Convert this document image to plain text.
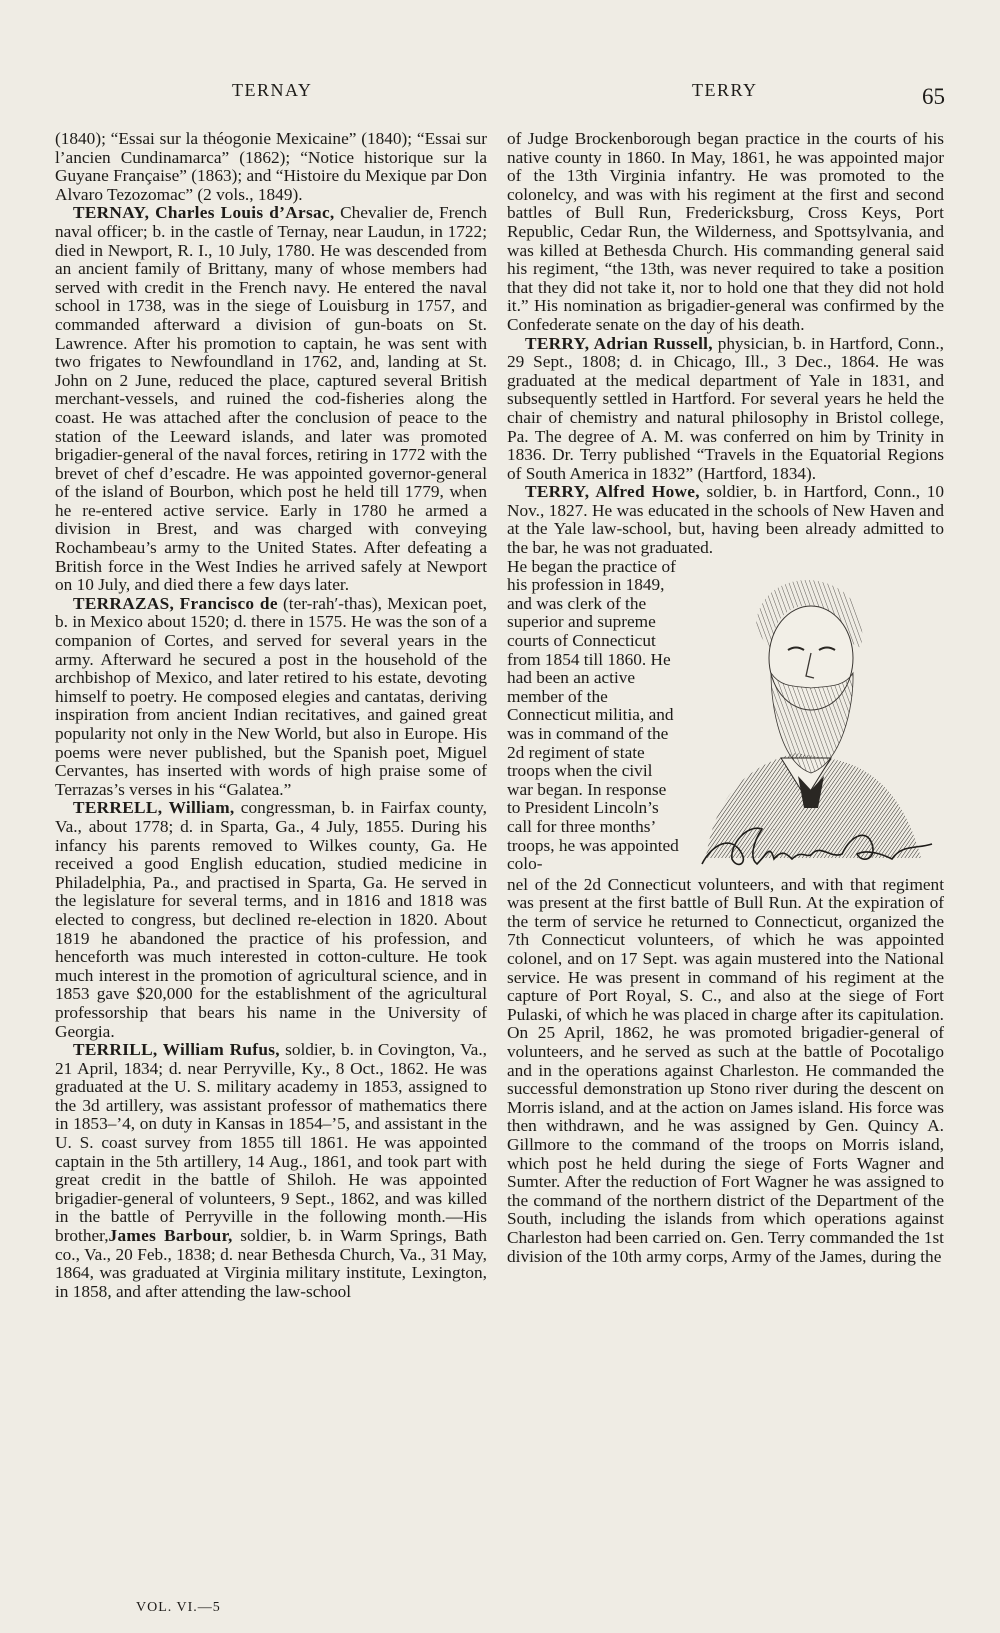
TERNAY	TERRY	65

(1840); “Essai sur la théogonie Mexicaine” (1840); “Essai sur l’ancien Cundinamarca” (1862); “Notice historique sur la Guyane Française” (1863); and “Histoire du Mexique par Don Alvaro Tezozomac” (2 vols., 1849).

TERNAY, Charles Louis d’Arsac, Chevalier de, French naval officer; b. in the castle of Ternay, near Laudun, in 1722; died in Newport, R. I., 10 July, 1780. He was descended from an ancient family of Brittany, many of whose members had served with credit in the French navy. He entered the naval school in 1738, was in the siege of Louisburg in 1757, and commanded afterward a division of gun-boats on St. Lawrence. After his promotion to captain, he was sent with two frigates to Newfoundland in 1762, and, landing at St. John on 2 June, reduced the place, captured several British merchant-vessels, and ruined the cod-fisheries along the coast. He was attached after the conclusion of peace to the station of the Leeward islands, and later was promoted brigadier-general of the naval forces, retiring in 1772 with the brevet of chef d’escadre. He was appointed governor-general of the island of Bourbon, which post he held till 1779, when he re-entered active service. Early in 1780 he armed a division in Brest, and was charged with conveying Rochambeau’s army to the United States. After defeating a British force in the West Indies he arrived safely at Newport on 10 July, and died there a few days later.

TERRAZAS, Francisco de (ter-rah′-thas), Mexican poet, b. in Mexico about 1520; d. there in 1575. He was the son of a companion of Cortes, and served for several years in the army. Afterward he secured a post in the household of the archbishop of Mexico, and later retired to his estate, devoting himself to poetry. He composed elegies and cantatas, deriving inspiration from ancient Indian recitatives, and gained great popularity not only in the New World, but also in Europe. His poems were never published, but the Spanish poet, Miguel Cervantes, has inserted with words of high praise some of Terrazas’s verses in his “Galatea.”

TERRELL, William, congressman, b. in Fairfax county, Va., about 1778; d. in Sparta, Ga., 4 July, 1855. During his infancy his parents removed to Wilkes county, Ga. He received a good English education, studied medicine in Philadelphia, Pa., and practised in Sparta, Ga. He served in the legislature for several terms, and in 1816 and 1818 was elected to congress, but declined re-election in 1820. About 1819 he abandoned the practice of his profession, and henceforth was much interested in cotton-culture. He took much interest in the promotion of agricultural science, and in 1853 gave $20,000 for the establishment of the agricultural professorship that bears his name in the University of Georgia.

TERRILL, William Rufus, soldier, b. in Covington, Va., 21 April, 1834; d. near Perryville, Ky., 8 Oct., 1862. He was graduated at the U. S. military academy in 1853, assigned to the 3d artillery, was assistant professor of mathematics there in 1853–’4, on duty in Kansas in 1854–’5, and assistant in the U. S. coast survey from 1855 till 1861. He was appointed captain in the 5th artillery, 14 Aug., 1861, and took part with great credit in the battle of Shiloh. He was appointed brigadier-general of volunteers, 9 Sept., 1862, and was killed in the battle of Perryville in the following month.—His brother,James Barbour, soldier, b. in Warm Springs, Bath co., Va., 20 Feb., 1838; d. near Bethesda Church, Va., 31 May, 1864, was graduated at Virginia military institute, Lexington, in 1858, and after attending the law-school

of Judge Brockenborough began practice in the courts of his native county in 1860. In May, 1861, he was appointed major of the 13th Virginia infantry. He was promoted to the colonelcy, and was with his regiment at the first and second battles of Bull Run, Fredericksburg, Cross Keys, Port Republic, Cedar Run, the Wilderness, and Spottsylvania, and was killed at Bethesda Church. His commanding general said his regiment, “the 13th, was never required to take a position that they did not take it, nor to hold one that they did not hold it.” His nomination as brigadier-general was confirmed by the Confederate senate on the day of his death.

TERRY, Adrian Russell, physician, b. in Hartford, Conn., 29 Sept., 1808; d. in Chicago, Ill., 3 Dec., 1864. He was graduated at the medical department of Yale in 1831, and subsequently settled in Hartford. For several years he held the chair of chemistry and natural philosophy in Bristol college, Pa. The degree of A. M. was conferred on him by Trinity in 1836. Dr. Terry published “Travels in the Equatorial Regions of South America in 1832” (Hartford, 1834).

TERRY, Alfred Howe, soldier, b. in Hartford, Conn., 10 Nov., 1827. He was educated in the schools of New Haven and at the Yale law-school, but, having been already admitted to the bar, he was not graduated.

He began the practice of his profession in 1849, and was clerk of the superior and supreme courts of Connecticut from 1854 till 1860. He had been an active member of the Connecticut militia, and was in command of the 2d regiment of state troops when the civil war began. In response to President Lincoln’s call for three months’ troops, he was appointed colo-

nel of the 2d Connecticut volunteers, and with that regiment was present at the first battle of Bull Run. At the expiration of the term of service he returned to Connecticut, organized the 7th Connecticut volunteers, of which he was appointed colonel, and on 17 Sept. was again mustered into the National service. He was present in command of his regiment at the capture of Port Royal, S. C., and also at the siege of Fort Pulaski, of which he was placed in charge after its capitulation. On 25 April, 1862, he was promoted brigadier-general of volunteers, and he served as such at the battle of Pocotaligo and in the operations against Charleston. He commanded the successful demonstration up Stono river during the descent on Morris island, and at the action on James island. His force was then withdrawn, and he was assigned by Gen. Quincy A. Gillmore to the command of the troops on Morris island, which post he held during the siege of Forts Wagner and Sumter. After the reduction of Fort Wagner he was assigned to the command of the northern district of the Department of the South, including the islands from which operations against Charleston had been carried on. Gen. Terry commanded the 1st division of the 10th army corps, Army of the James, during the

VOL. VI.—5
